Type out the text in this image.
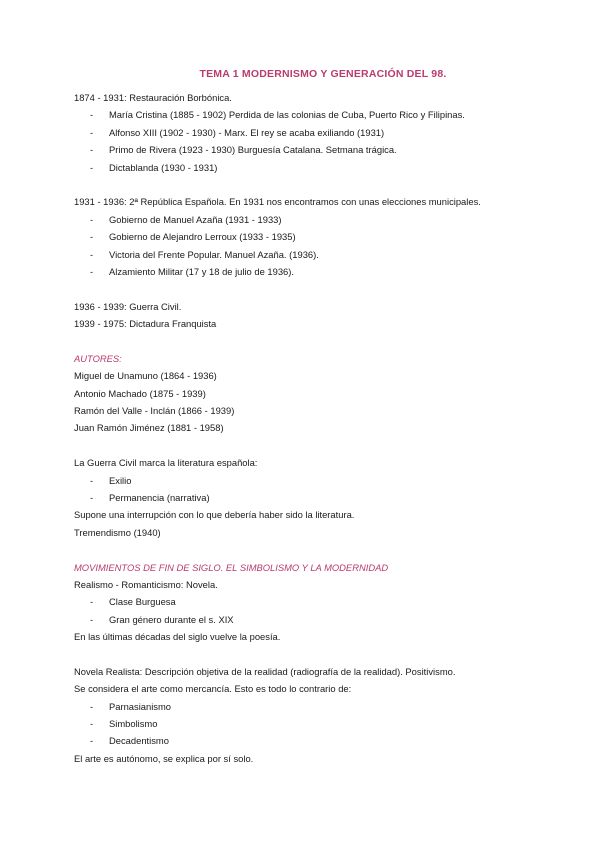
TEMA 1 MODERNISMO Y GENERACIÓN DEL 98.
1874 - 1931: Restauración Borbónica.
- María Cristina (1885 - 1902) Perdida de las colonias de Cuba, Puerto Rico y Filipinas.
- Alfonso XIII (1902 - 1930) - Marx. El rey se acaba exiliando (1931)
- Primo de Rivera (1923 - 1930) Burguesía Catalana. Setmana trágica.
- Dictablanda (1930 - 1931)
1931 - 1936: 2ª República Española. En 1931 nos encontramos con unas elecciones municipales.
- Gobierno de Manuel Azaña (1931 - 1933)
- Gobierno de Alejandro Lerroux (1933 - 1935)
- Victoria del Frente Popular. Manuel Azaña. (1936).
- Alzamiento Militar (17 y 18 de julio de 1936).
1936 - 1939: Guerra Civil.
1939 - 1975: Dictadura Franquista
AUTORES:
Miguel de Unamuno (1864 - 1936)
Antonio Machado (1875 - 1939)
Ramón del Valle - Inclán (1866 - 1939)
Juan Ramón Jiménez (1881 - 1958)
La Guerra Civil marca la literatura española:
- Exilio
- Permanencia (narrativa)
Supone una interrupción con lo que debería haber sido la literatura.
Tremendismo (1940)
MOVIMIENTOS DE FIN DE SIGLO. EL SIMBOLISMO Y LA MODERNIDAD
Realismo - Romanticismo: Novela.
- Clase Burguesa
- Gran género durante el s. XIX
En las últimas décadas del siglo vuelve la poesía.
Novela Realista: Descripción objetiva de la realidad (radiografía de la realidad). Positivismo.
Se considera el arte como mercancía. Esto es todo lo contrario de:
- Parnasianismo
- Simbolismo
- Decadentismo
El arte es autónomo, se explica por sí solo.
